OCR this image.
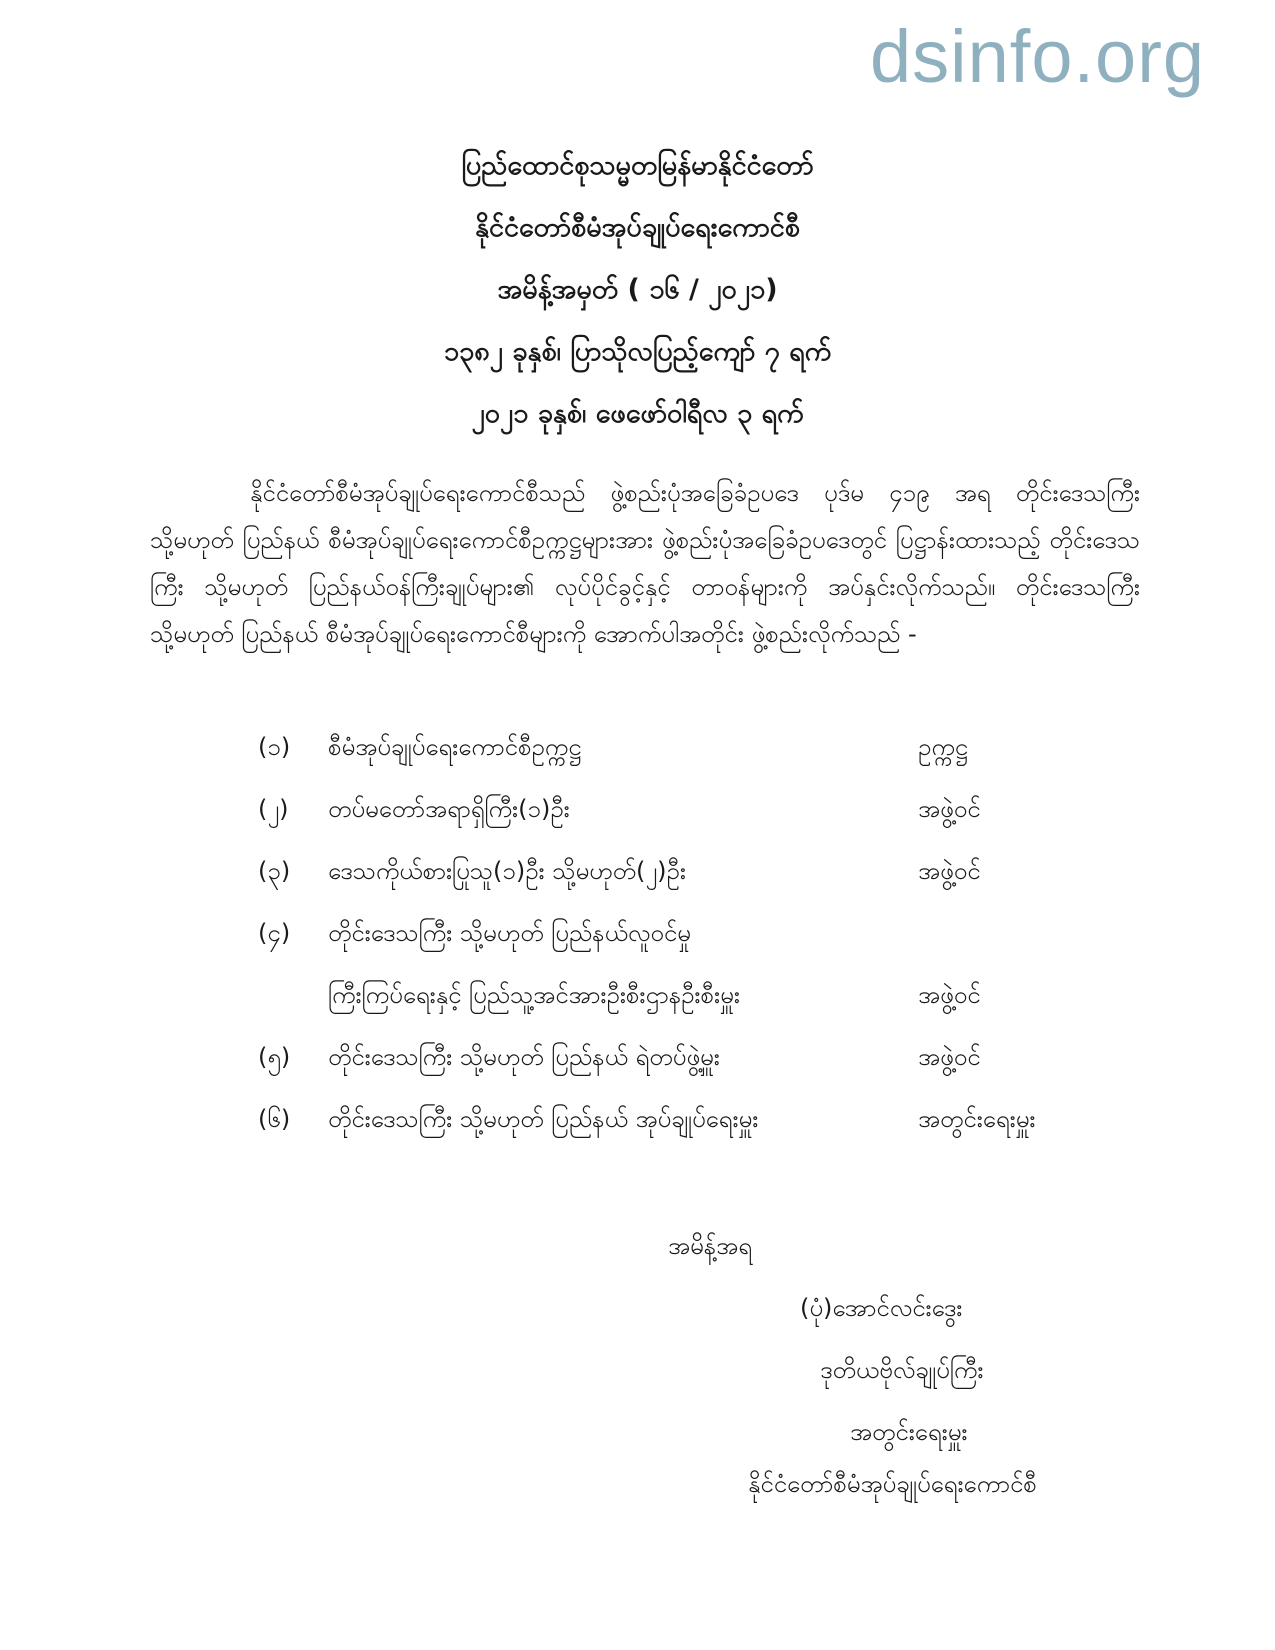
dsinfo.org
ပြည်ထောင်စုသမ္မတမြန်မာနိုင်ငံတော်
နိုင်ငံတော်စီမံအုပ်ချုပ်ရေးကောင်စီ
အမိန့်အမှတ် ( ၁၆ / ၂၀၂၁)
၁၃၈၂ ခုနှစ်၊ ပြာသိုလပြည့်ကျော် ၇ ရက်
၂၀၂၁ ခုနှစ်၊ ဖေဖော်ဝါရီလ ၃ ရက်
နိုင်ငံတော်စီမံအုပ်ချုပ်ရေးကောင်စီသည် ဖွဲ့စည်းပုံအခြေခံဥပဒေ ပုဒ်မ ၄၁၉ အရ တိုင်းဒေသကြီး သို့မဟုတ် ပြည်နယ် စီမံအုပ်ချုပ်ရေးကောင်စီဥက္ကဋ္ဌများအား ဖွဲ့စည်းပုံအခြေခံဥပဒေတွင် ပြဋ္ဌာန်းထားသည့် တိုင်းဒေသကြီး သို့မဟုတ် ပြည်နယ်ဝန်ကြီးချုပ်များ၏ လုပ်ပိုင်ခွင့်နှင့် တာဝန်များကို အပ်နှင်းလိုက်သည်။ တိုင်းဒေသကြီး သို့မဟုတ် ပြည်နယ် စီမံအုပ်ချုပ်ရေးကောင်စီများကို အောက်ပါအတိုင်း ဖွဲ့စည်းလိုက်သည် -
(၁) စီမံအုပ်ချုပ်ရေးကောင်စီဥက္ကဋ္ဌ	ဥက္ကဋ္ဌ
(၂) တပ်မတော်အရာရှိကြီး(၁)ဦး	အဖွဲ့ဝင်
(၃) ဒေသကိုယ်စားပြုသူ(၁)ဦး သို့မဟုတ်(၂)ဦး	အဖွဲ့ဝင်
(၄) တိုင်းဒေသကြီး သို့မဟုတ် ပြည်နယ်လူဝင်မှု
ကြီးကြပ်ရေးနှင့် ပြည်သူ့အင်အားဦးစီးဌာနဦးစီးမှူး	အဖွဲ့ဝင်
(၅) တိုင်းဒေသကြီး သို့မဟုတ် ပြည်နယ် ရဲတပ်ဖွဲ့မှူး	အဖွဲ့ဝင်
(၆) တိုင်းဒေသကြီး သို့မဟုတ် ပြည်နယ် အုပ်ချုပ်ရေးမှူး	အတွင်းရေးမှူး
အမိန့်အရ
(ပုံ)အောင်လင်းဒွေး
ဒုတိယဗိုလ်ချုပ်ကြီး
အတွင်းရေးမှူး
နိုင်ငံတော်စီမံအုပ်ချုပ်ရေးကောင်စီ
